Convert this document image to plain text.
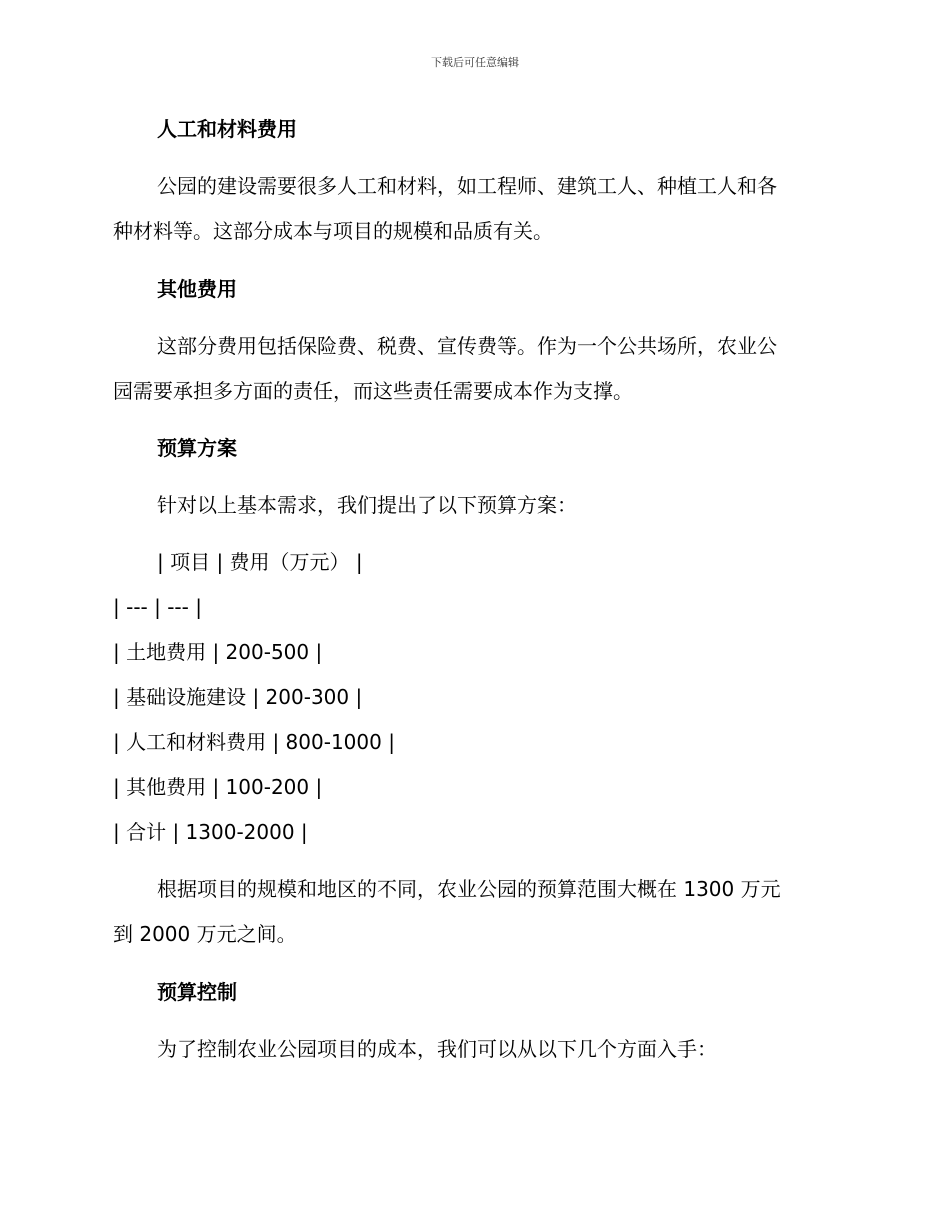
下载后可任意编辑
人工和材料费用
公园的建设需要很多人工和材料，如工程师、建筑工人、种植工人和各
种材料等。这部分成本与项目的规模和品质有关。
其他费用
这部分费用包括保险费、税费、宣传费等。作为一个公共场所，农业公
园需要承担多方面的责任，而这些责任需要成本作为支撑。
预算方案
针对以上基本需求，我们提出了以下预算方案：
| 项目 | 费用（万元） |
| --- | --- |
| 土地费用 | 200-500 |
| 基础设施建设 | 200-300 |
| 人工和材料费用 | 800-1000 |
| 其他费用 | 100-200 |
| 合计 | 1300-2000 |
根据项目的规模和地区的不同，农业公园的预算范围大概在 1300 万元
到 2000 万元之间。
预算控制
为了控制农业公园项目的成本，我们可以从以下几个方面入手：
